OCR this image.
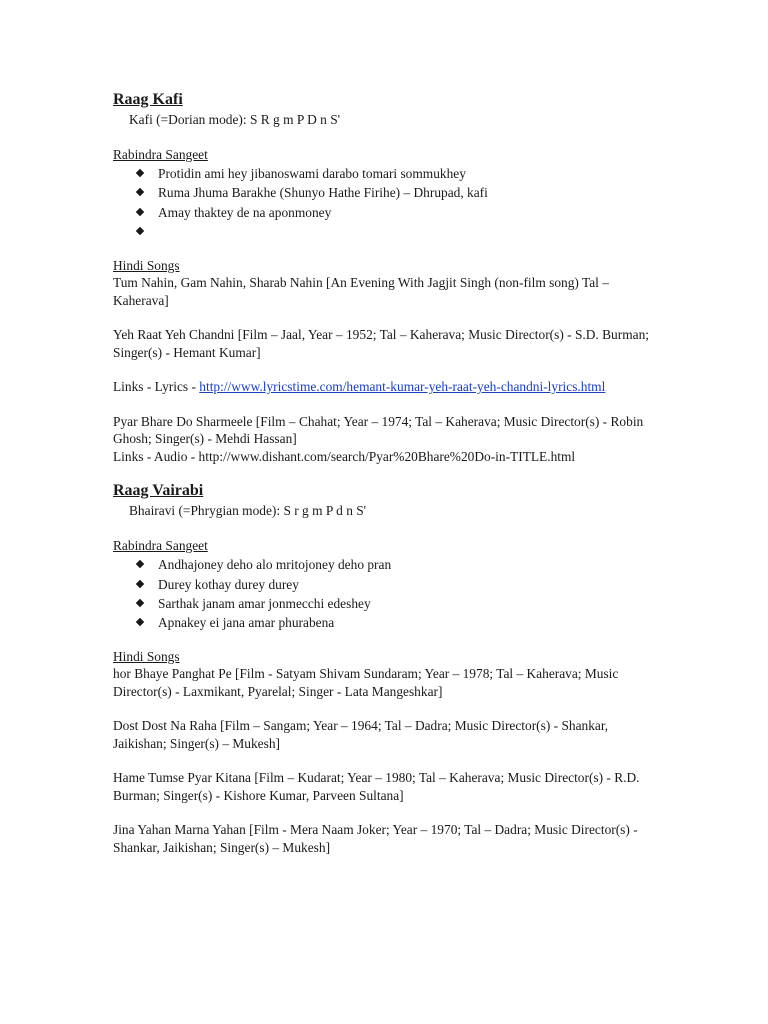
Raag Kafi

Kafi (=Dorian mode): S R g m P D n S'

Rabindra Sangeet

Protidin ami hey jibanoswami darabo tomari sommukhey
Ruma Jhuma Barakhe (Shunyo Hathe Firihe) – Dhrupad, kafi
Amay thaktey de na aponmoney

Hindi Songs

Tum Nahin, Gam Nahin, Sharab Nahin [An Evening With Jagjit Singh (non-film song) Tal – Kaherava]

Yeh Raat Yeh Chandni [Film – Jaal, Year – 1952; Tal – Kaherava; Music Director(s) - S.D. Burman; Singer(s) - Hemant Kumar]

Links - Lyrics - http://www.lyricstime.com/hemant-kumar-yeh-raat-yeh-chandni-lyrics.html

Pyar Bhare Do Sharmeele [Film – Chahat; Year – 1974; Tal – Kaherava; Music Director(s) - Robin Ghosh; Singer(s) - Mehdi Hassan]

Links - Audio - http://www.dishant.com/search/Pyar%20Bhare%20Do-in-TITLE.html

Raag Vairabi

Bhairavi (=Phrygian mode): S r g m P d n S'

Rabindra Sangeet

Andhajoney deho alo mritojoney deho pran
Durey kothay durey durey
Sarthak janam amar jonmecchi edeshey
Apnakey ei jana amar phurabena

Hindi Songs

hor Bhaye Panghat Pe [Film - Satyam Shivam Sundaram; Year – 1978; Tal – Kaherava; Music Director(s) - Laxmikant, Pyarelal; Singer - Lata Mangeshkar]

Dost Dost Na Raha [Film – Sangam; Year – 1964; Tal – Dadra; Music Director(s) - Shankar, Jaikishan; Singer(s) – Mukesh]

Hame Tumse Pyar Kitana [Film – Kudarat; Year – 1980; Tal – Kaherava; Music Director(s) - R.D. Burman; Singer(s) - Kishore Kumar, Parveen Sultana]

Jina Yahan Marna Yahan [Film - Mera Naam Joker; Year – 1970; Tal – Dadra; Music Director(s) - Shankar, Jaikishan; Singer(s) – Mukesh]
